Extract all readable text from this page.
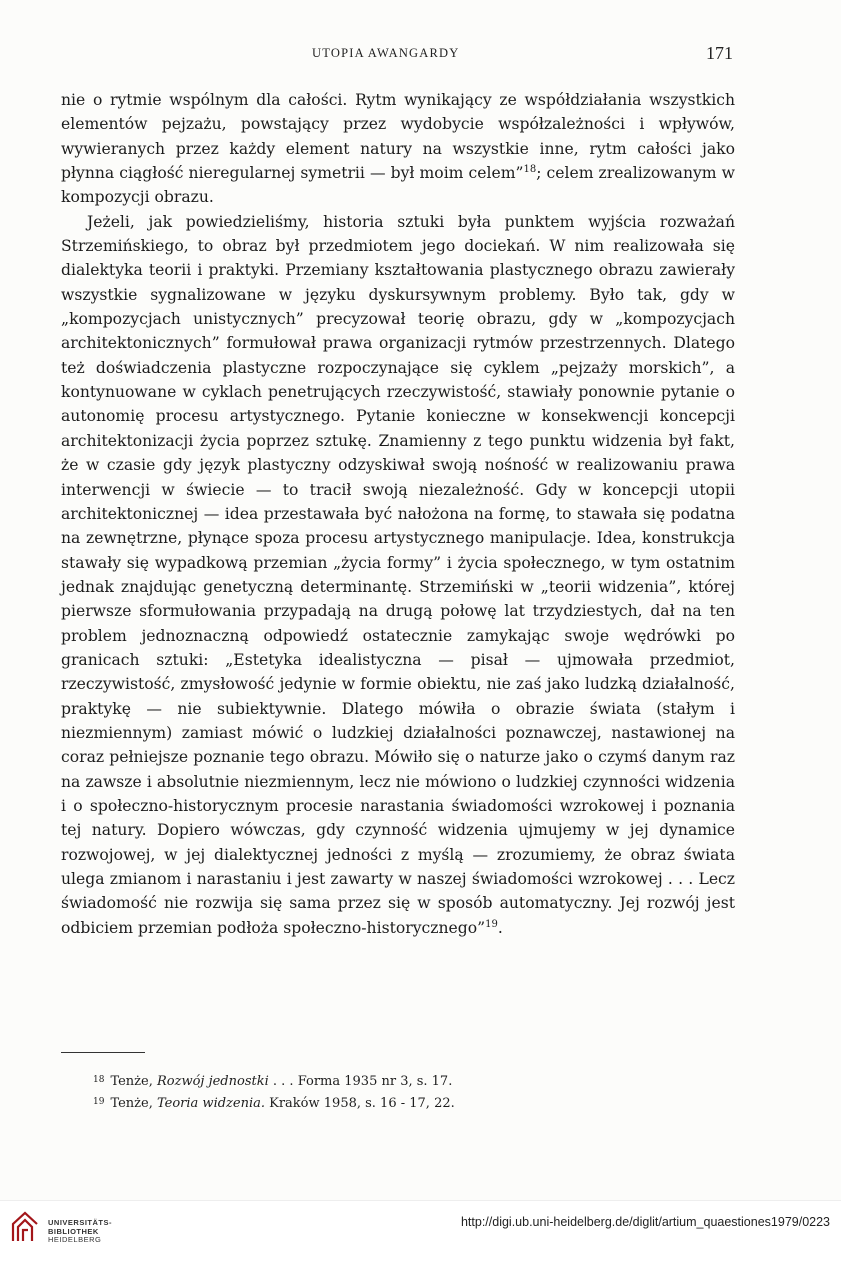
UTOPIA AWANGARDY	171

nie o rytmie wspólnym dla całości. Rytm wynikający ze współdziałania wszystkich elementów pejzażu, powstający przez wydobycie współzależności i wpływów, wywieranych przez każdy element natury na wszystkie inne, rytm całości jako płynna ciągłość nieregularnej symetrii — był moim celem”$^{18}$; celem zrealizowanym w kompozycji obrazu.

Jeżeli, jak powiedzieliśmy, historia sztuki była punktem wyjścia rozważań Strzemińskiego, to obraz był przedmiotem jego dociekań. W nim realizowała się dialektyka teorii i praktyki. Przemiany kształtowania plastycznego obrazu zawierały wszystkie sygnalizowane w języku dyskursywnym problemy. Było tak, gdy w „kompozycjach unistycznych” precyzował teorię obrazu, gdy w „kompozycjach architektonicznych” formułował prawa organizacji rytmów przestrzennych. Dlatego też doświadczenia plastyczne rozpoczynające się cyklem „pejzaży morskich”, a kontynuowane w cyklach penetrujących rzeczywistość, stawiały ponownie pytanie o autonomię procesu artystycznego. Pytanie konieczne w konsekwencji koncepcji architektonizacji życia poprzez sztukę. Znamienny z tego punktu widzenia był fakt, że w czasie gdy język plastyczny odzyskiwał swoją nośność w realizowaniu prawa interwencji w świecie — to tracił swoją niezależność. Gdy w koncepcji utopii architektonicznej — idea przestawała być nałożona na formę, to stawała się podatna na zewnętrzne, płynące spoza procesu artystycznego manipulacje. Idea, konstrukcja stawały się wypadkową przemian „życia formy” i życia społecznego, w tym ostatnim jednak znajdując genetyczną determinantę. Strzemiński w „teorii widzenia”, której pierwsze sformułowania przypadają na drugą połowę lat trzydziestych, dał na ten problem jednoznaczną odpowiedź ostatecznie zamykając swoje wędrówki po granicach sztuki: „Estetyka idealistyczna — pisał — ujmowała przedmiot, rzeczywistość, zmysłowość jedynie w formie obiektu, nie zaś jako ludzką działalność, praktykę — nie subiektywnie. Dlatego mówiła o obrazie świata (stałym i niezmiennym) zamiast mówić o ludzkiej działalności poznawczej, nastawionej na coraz pełniejsze poznanie tego obrazu. Mówiło się o naturze jako o czymś danym raz na zawsze i absolutnie niezmiennym, lecz nie mówiono o ludzkiej czynności widzenia i o społeczno-historycznym procesie narastania świadomości wzrokowej i poznania tej natury. Dopiero wówczas, gdy czynność widzenia ujmujemy w jej dynamice rozwojowej, w jej dialektycznej jedności z myślą — zrozumiemy, że obraz świata ulega zmianom i narastaniu i jest zawarty w naszej świadomości wzrokowej . . . Lecz świadomość nie rozwija się sama przez się w sposób automatyczny. Jej rozwój jest odbiciem przemian podłoża społeczno-historycznego”$^{19}$.

$^{18}$ Tenże, Rozwój jednostki . . . Forma 1935 nr 3, s. 17.
$^{19}$ Tenże, Teoria widzenia. Kraków 1958, s. 16 - 17, 22.
UNIVERSITÄTS-
BIBLIOTHEK
HEIDELBERG
http://digi.ub.uni-heidelberg.de/diglit/artium_quaestiones1979/0223
